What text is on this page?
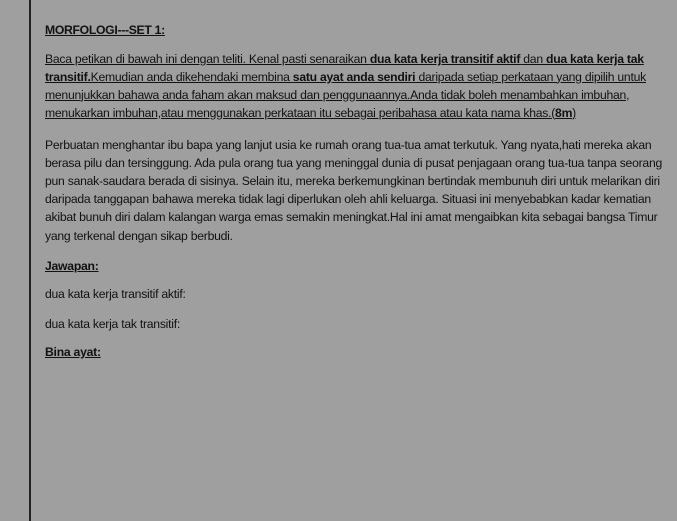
MORFOLOGI---SET 1:

Baca petikan di bawah ini dengan teliti. Kenal pasti senaraikan dua kata kerja transitif aktif dan dua kata kerja tak transitif.Kemudian anda dikehendaki membina satu ayat anda sendiri daripada setiap perkataan yang dipilih untuk menunjukkan bahawa anda faham akan maksud dan penggunaannya.Anda tidak boleh menambahkan imbuhan, menukarkan imbuhan,atau menggunakan perkataan itu sebagai peribahasa atau kata nama khas.(8m)

Perbuatan menghantar ibu bapa yang lanjut usia ke rumah orang tua-tua amat terkutuk. Yang nyata,hati mereka akan berasa pilu dan tersinggung. Ada pula orang tua yang meninggal dunia di pusat penjagaan orang tua-tua tanpa seorang pun sanak-saudara berada di sisinya. Selain itu, mereka berkemungkinan bertindak membunuh diri untuk melarikan diri daripada tanggapan bahawa mereka tidak lagi diperlukan oleh ahli keluarga. Situasi ini menyebabkan kadar kematian akibat bunuh diri dalam kalangan warga emas semakin meningkat.Hal ini amat mengaibkan kita sebagai bangsa Timur yang terkenal dengan sikap berbudi.

Jawapan:

dua kata kerja transitif aktif:

dua kata kerja tak transitif:

Bina ayat:
